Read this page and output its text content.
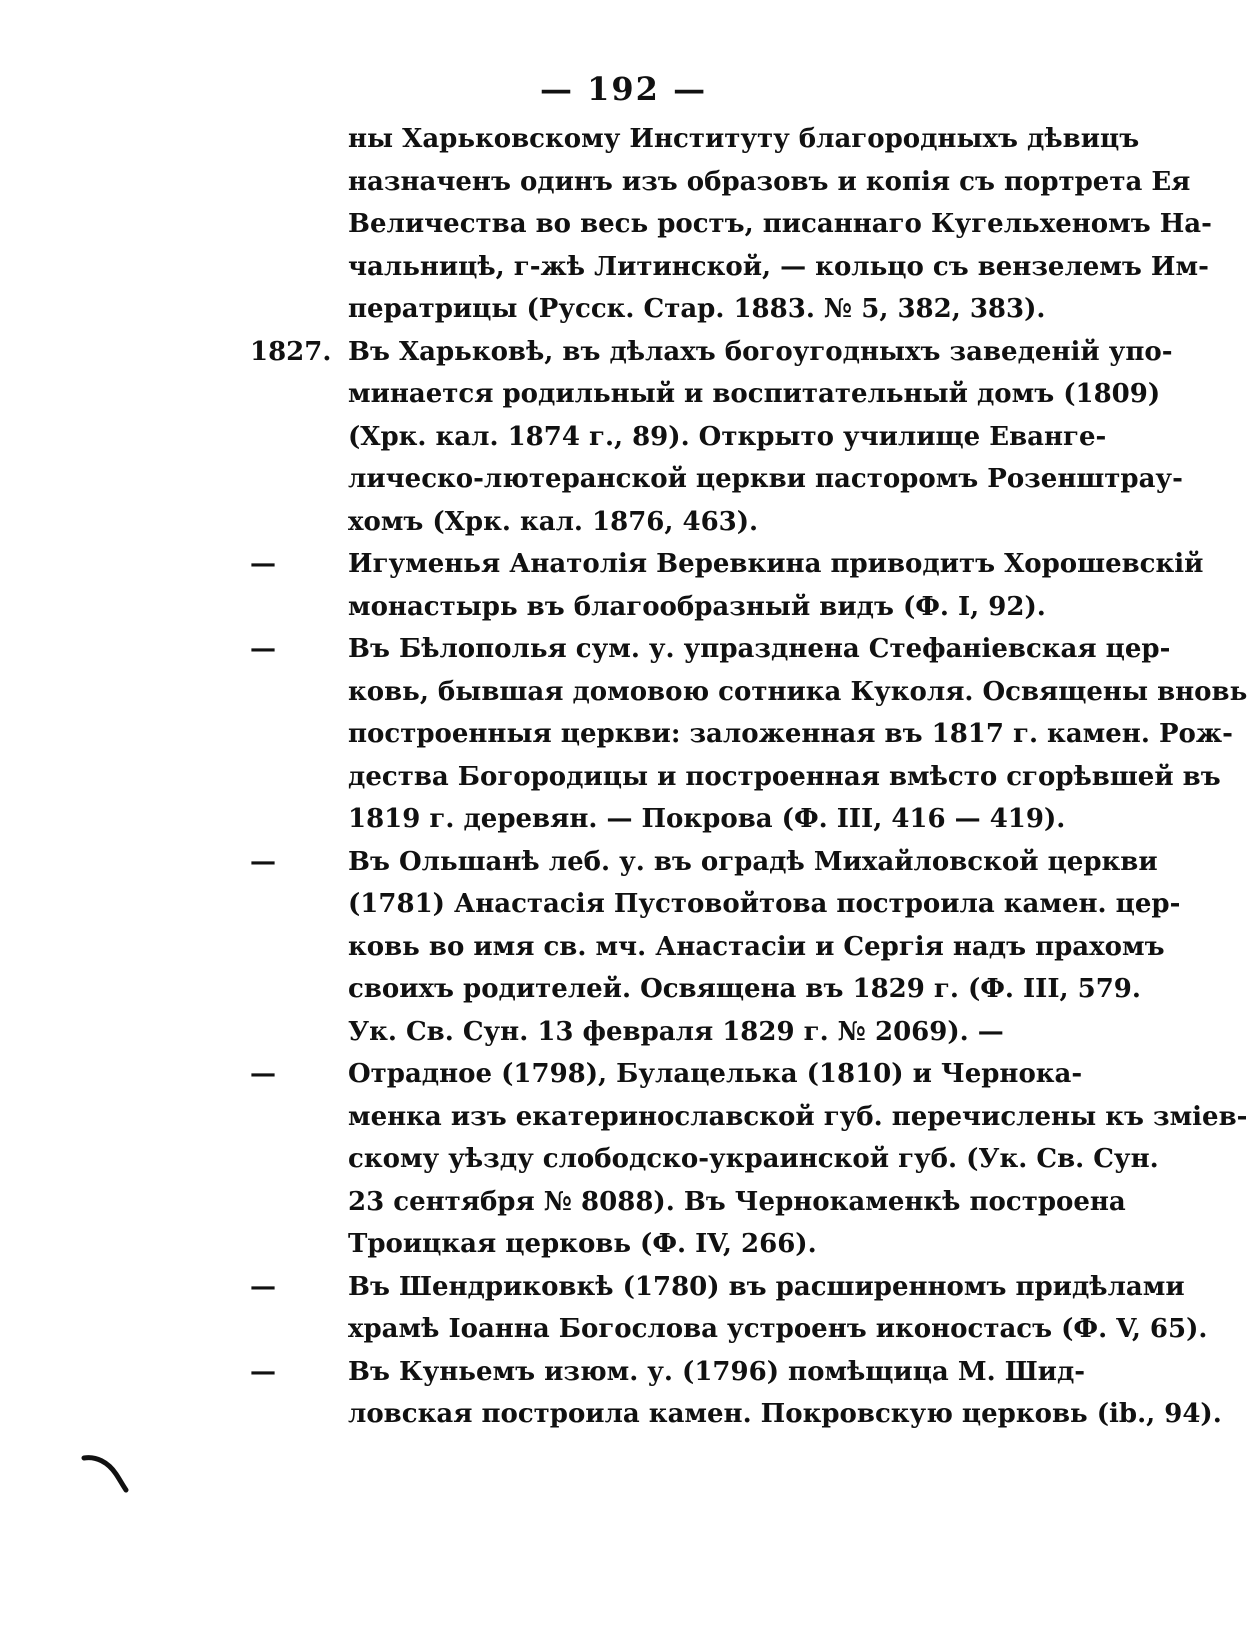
— 192 —
ны Харьковскому Институту благородныхъ дѣвицъ
назначенъ одинъ изъ образовъ и копія съ портрета Ея
Величества во весь ростъ, писаннаго Кугельхеномъ На-
чальницѣ, г-жѣ Литинской, — кольцо съ вензелемъ Им-
ператрицы (Русск. Стар. 1883. № 5, 382, 383).
1827. Въ Харьковѣ, въ дѣлахъ богоугодныхъ заведеній упо-
минается родильный и воспитательный домъ (1809)
(Хрк. кал. 1874 г., 89). Открыто училище Еванге-
лическо-лютеранской церкви пасторомъ Розенштрау-
хомъ (Хрк. кал. 1876, 463).
—	Игуменья Анатолія Веревкина приводитъ Хорошевскій
монастырь въ благообразный видъ (Ф. I, 92).
—	Въ Бѣлополья сум. у. упразднена Стефаніевская цер-
ковь, бывшая домовою сотника Куколя. Освящены вновь
построенныя церкви: заложенная въ 1817 г. камен. Рож-
дества Богородицы и построенная вмѣсто сгорѣвшей въ
1819 г. деревян. — Покрова (Ф. III, 416 — 419).
—	Въ Ольшанѣ леб. у. въ оградѣ Михайловской церкви
(1781) Анастасія Пустовойтова построила камен. цер-
ковь во имя св. мч. Анастасіи и Сергія надъ прахомъ
своихъ родителей. Освящена въ 1829 г. (Ф. III, 579.
Ук. Св. Сун. 13 февраля 1829 г. № 2069). —
—	Отрадное (1798), Булацелька (1810) и Чернока-
менка изъ екатеринославской губ. перечислены къ зміев-
скому уѣзду слободско-украинской губ. (Ук. Св. Сун.
23 сентября № 8088). Въ Чернокаменкѣ построена
Троицкая церковь (Ф. IV, 266).
—	Въ Шендриковкѣ (1780) въ расширенномъ придѣлами
храмѣ Іоанна Богослова устроенъ иконостасъ (Ф. V, 65).
—	Въ Куньемъ изюм. у. (1796) помѣщица М. Шид-
ловская построила камен. Покровскую церковь (ib., 94).
